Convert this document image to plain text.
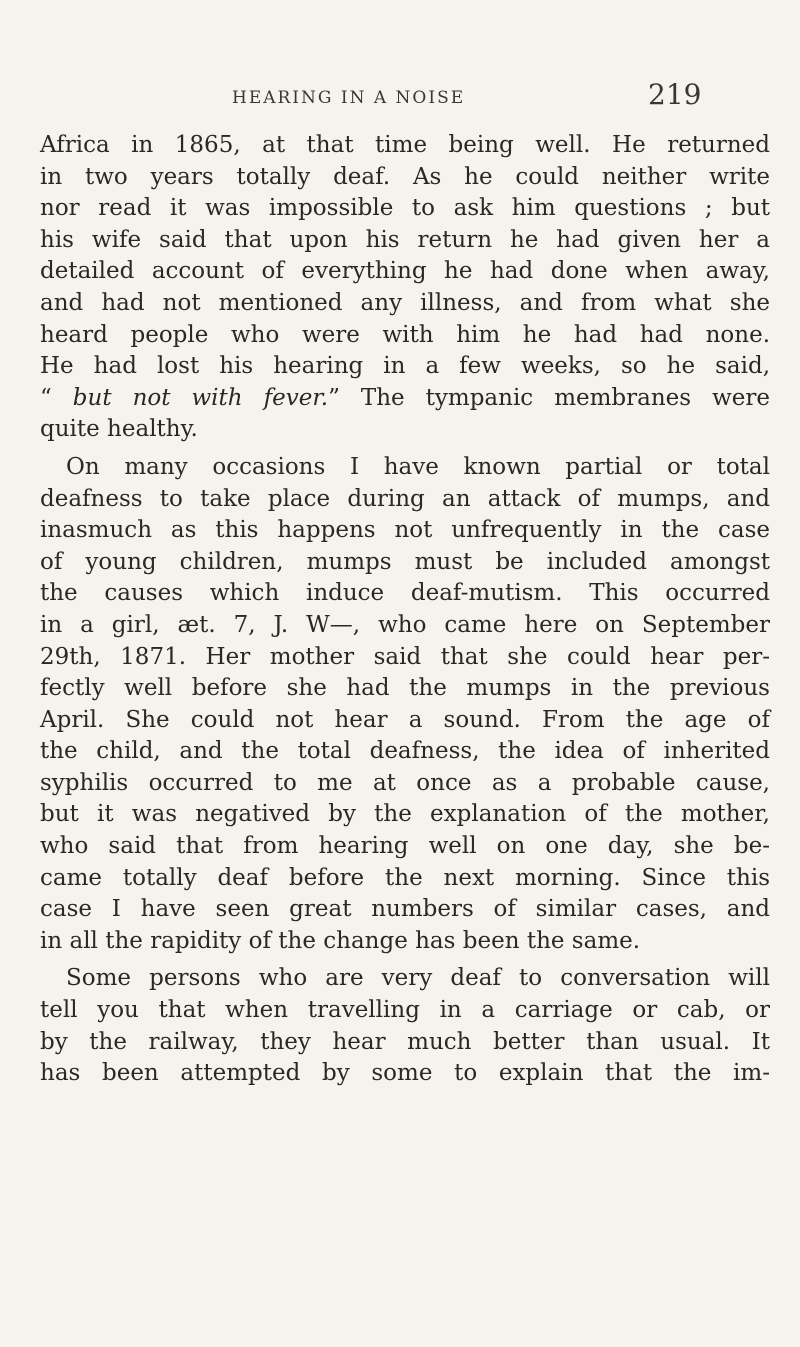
HEARING IN A NOISE	219
Africa in 1865, at that time being well. He returned
in two years totally deaf. As he could neither write
nor read it was impossible to ask him questions ; but
his wife said that upon his return he had given her a
detailed account of everything he had done when away,
and had not mentioned any illness, and from what she
heard people who were with him he had had none.
He had lost his hearing in a few weeks, so he said,
“ but not with fever.” The tympanic membranes were
quite healthy.
On many occasions I have known partial or total
deafness to take place during an attack of mumps, and
inasmuch as this happens not unfrequently in the case
of young children, mumps must be included amongst
the causes which induce deaf-mutism. This occurred
in a girl, æt. 7, J. W—, who came here on September
29th, 1871. Her mother said that she could hear per-
fectly well before she had the mumps in the previous
April. She could not hear a sound. From the age of
the child, and the total deafness, the idea of inherited
syphilis occurred to me at once as a probable cause,
but it was negatived by the explanation of the mother,
who said that from hearing well on one day, she be-
came totally deaf before the next morning. Since this
case I have seen great numbers of similar cases, and
in all the rapidity of the change has been the same.
Some persons who are very deaf to conversation will
tell you that when travelling in a carriage or cab, or
by the railway, they hear much better than usual. It
has been attempted by some to explain that the im-
